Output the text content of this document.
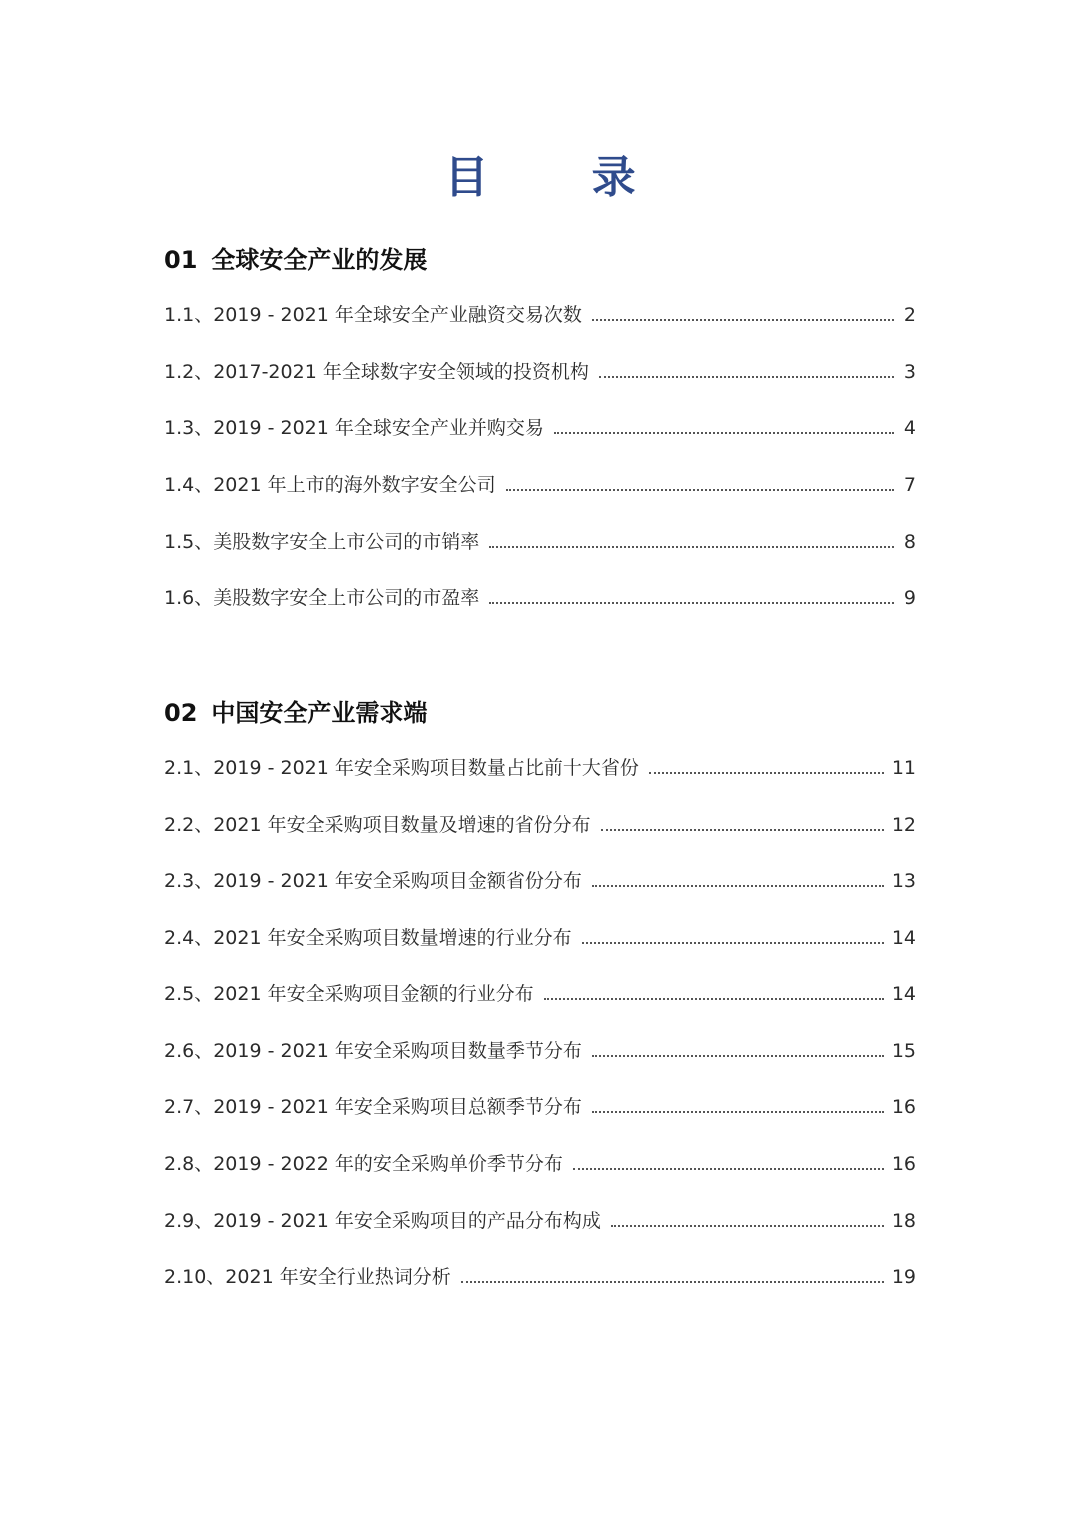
目 录
01 全球安全产业的发展
1.1、2019 - 2021 年全球安全产业融资交易次数	2
1.2、2017-2021 年全球数字安全领域的投资机构	3
1.3、2019 - 2021 年全球安全产业并购交易	4
1.4、2021 年上市的海外数字安全公司	7
1.5、美股数字安全上市公司的市销率	8
1.6、美股数字安全上市公司的市盈率	9
02 中国安全产业需求端
2.1、2019 - 2021 年安全采购项目数量占比前十大省份	11
2.2、2021 年安全采购项目数量及增速的省份分布	12
2.3、2019 - 2021 年安全采购项目金额省份分布	13
2.4、2021 年安全采购项目数量增速的行业分布	14
2.5、2021 年安全采购项目金额的行业分布	14
2.6、2019 - 2021 年安全采购项目数量季节分布	15
2.7、2019 - 2021 年安全采购项目总额季节分布	16
2.8、2019 - 2022 年的安全采购单价季节分布	16
2.9、2019 - 2021 年安全采购项目的产品分布构成	18
2.10、2021 年安全行业热词分析	19
